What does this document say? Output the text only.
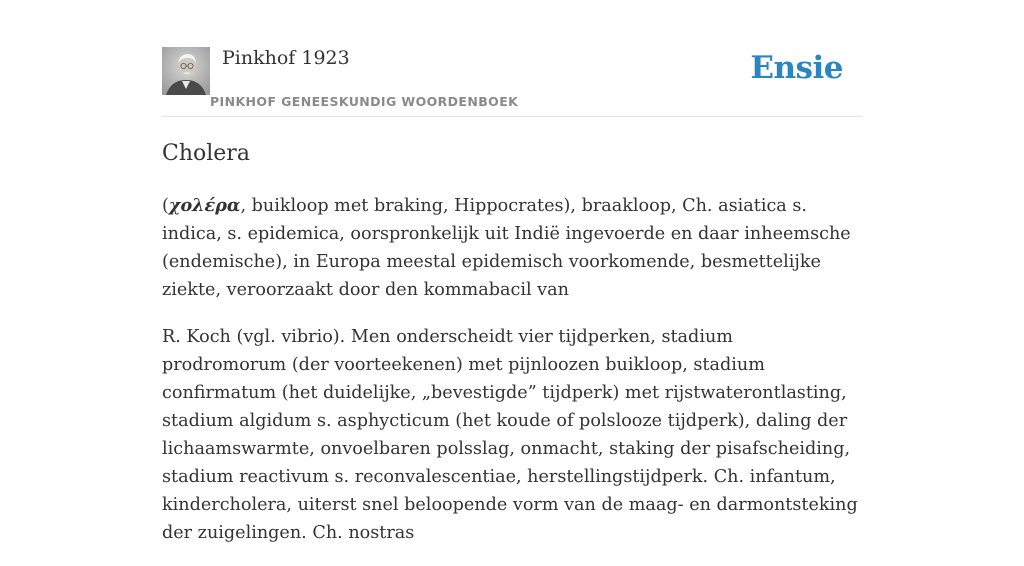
Pinkhof 1923
PINKHOF GENEESKUNDIG WOORDENBOEK
Ensie
Cholera

(χολέρα, buikloop met braking, Hippocrates), braakloop, Ch. asiatica s. indica, s. epidemica, oorspronkelijk uit Indië ingevoerde en daar inheemsche (endemische), in Europa meestal epidemisch voorkomende, besmettelijke ziekte, veroorzaakt door den kommabacil van

R. Koch (vgl. vibrio). Men onderscheidt vier tijdperken, stadium prodromorum (der voorteekenen) met pijnloozen buikloop, stadium confirmatum (het duidelijke, „bevestigde” tijdperk) met rijstwaterontlasting, stadium algidum s. asphycticum (het koude of polslooze tijdperk), daling der lichaamswarmte, onvoelbaren polsslag, onmacht, staking der pisafscheiding, stadium reactivum s. reconvalescentiae, herstellingstijdperk. Ch. infantum, kindercholera, uiterst snel beloopende vorm van de maag- en darmontsteking der zuigelingen. Ch. nostras
